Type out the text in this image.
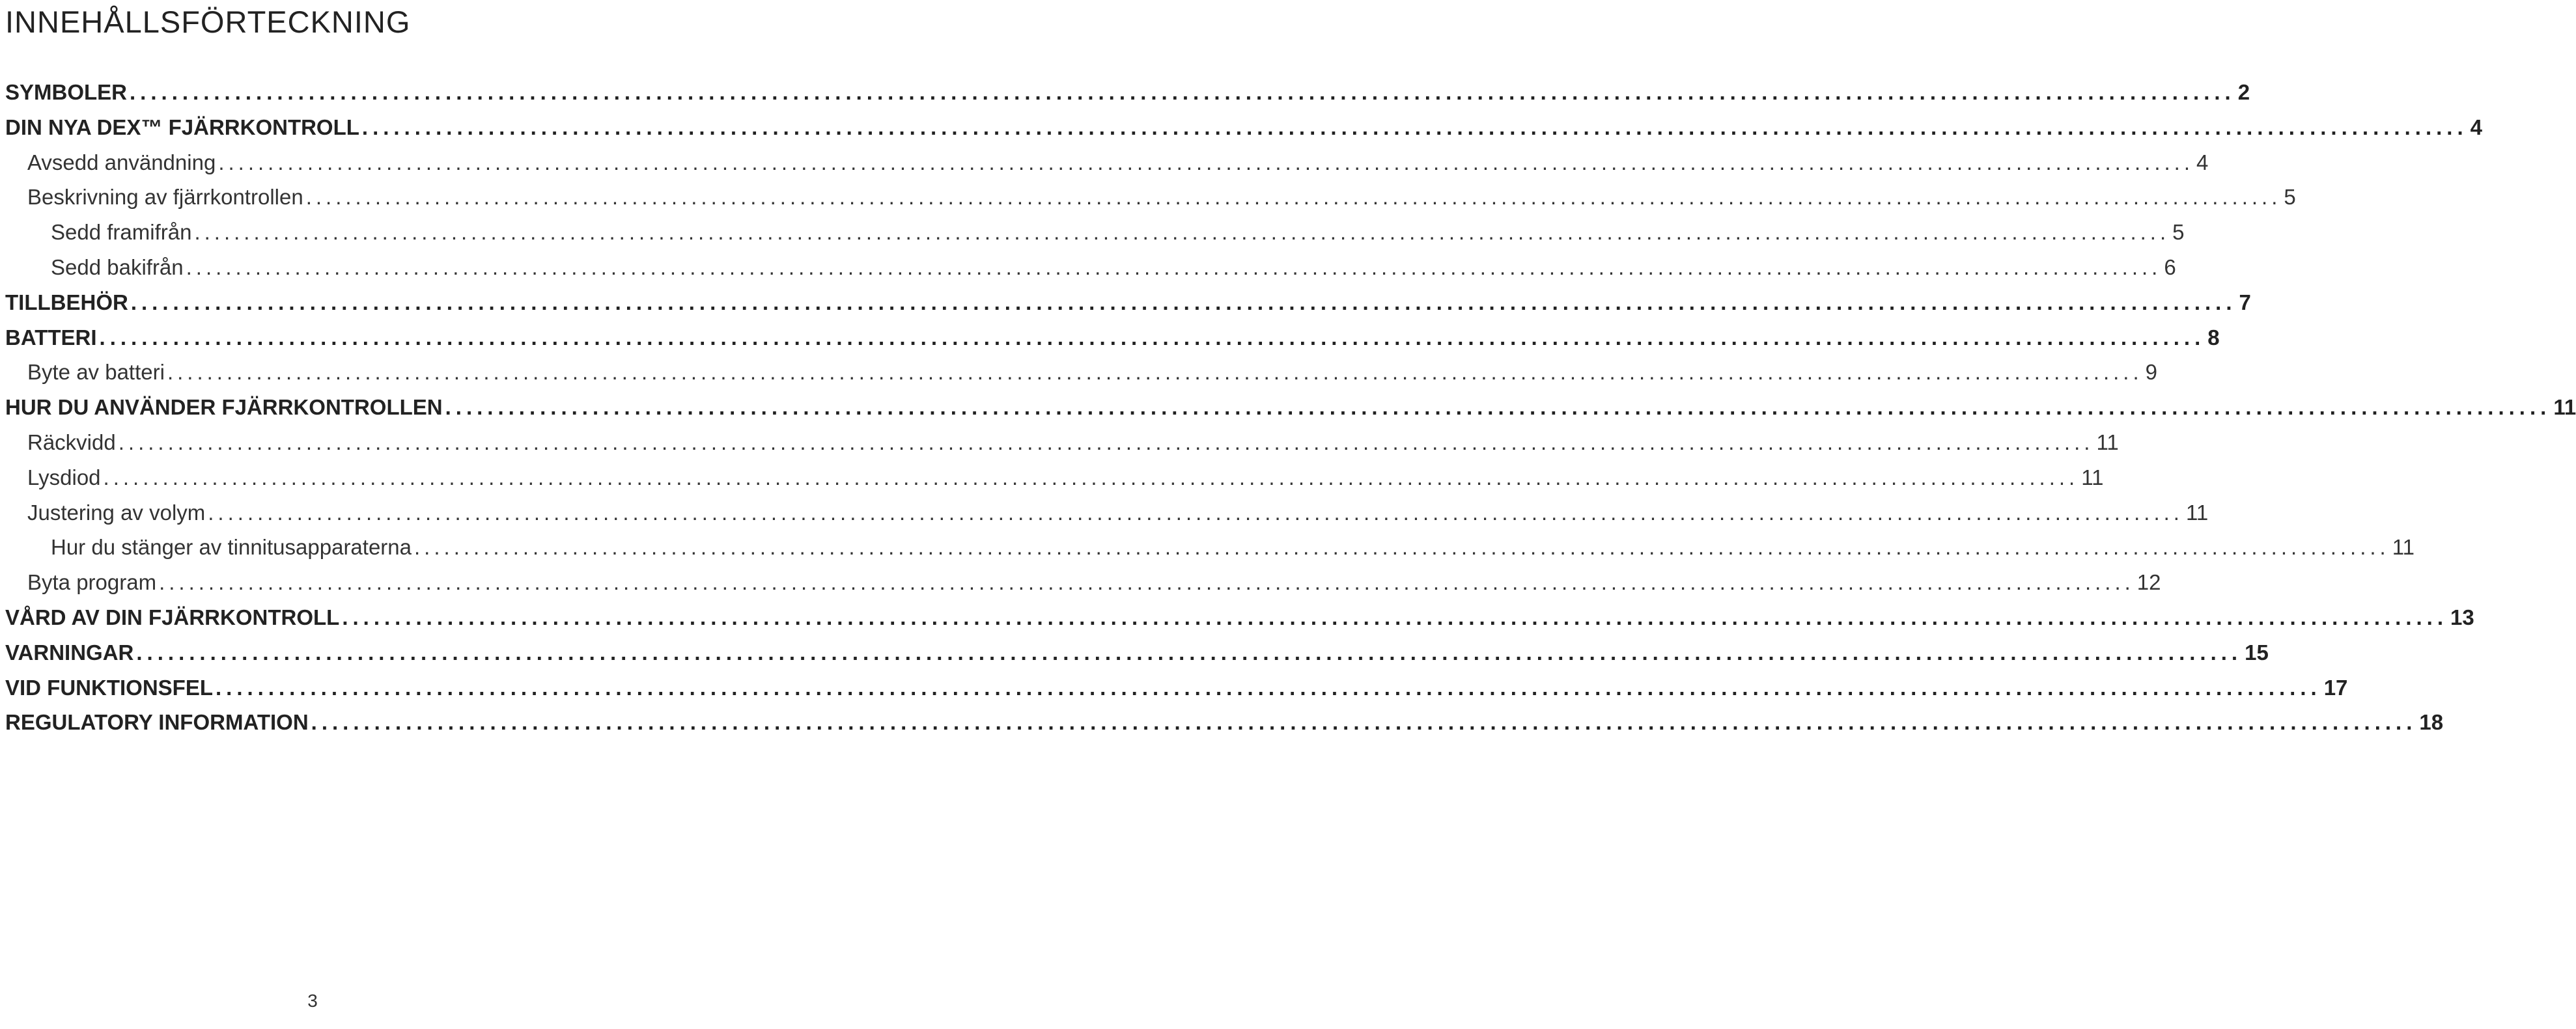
INNEHÅLLSFÖRTECKNING
SYMBOLER ........................................................................................................................................................................................................ 2
DIN NYA DEX™ FJÄRRKONTROLL ........................................................................................................................................................................................................ 4
Avsedd användning ........................................................................................................................................................................................................ 4
Beskrivning av fjärrkontrollen ........................................................................................................................................................................................................ 5
Sedd framifrån ........................................................................................................................................................................................................ 5
Sedd bakifrån ........................................................................................................................................................................................................ 6
TILLBEHÖR ........................................................................................................................................................................................................ 7
BATTERI ........................................................................................................................................................................................................ 8
Byte av batteri ........................................................................................................................................................................................................ 9
HUR DU ANVÄNDER FJÄRRKONTROLLEN ........................................................................................................................................................................................................ 11
Räckvidd ........................................................................................................................................................................................................ 11
Lysdiod ........................................................................................................................................................................................................ 11
Justering av volym ........................................................................................................................................................................................................ 11
Hur du stänger av tinnitusapparaterna ........................................................................................................................................................................................................ 11
Byta program ........................................................................................................................................................................................................ 12
VÅRD AV DIN FJÄRRKONTROLL ........................................................................................................................................................................................................ 13
VARNINGAR ........................................................................................................................................................................................................ 15
VID FUNKTIONSFEL ........................................................................................................................................................................................................ 17
REGULATORY INFORMATION ........................................................................................................................................................................................................ 18
3
